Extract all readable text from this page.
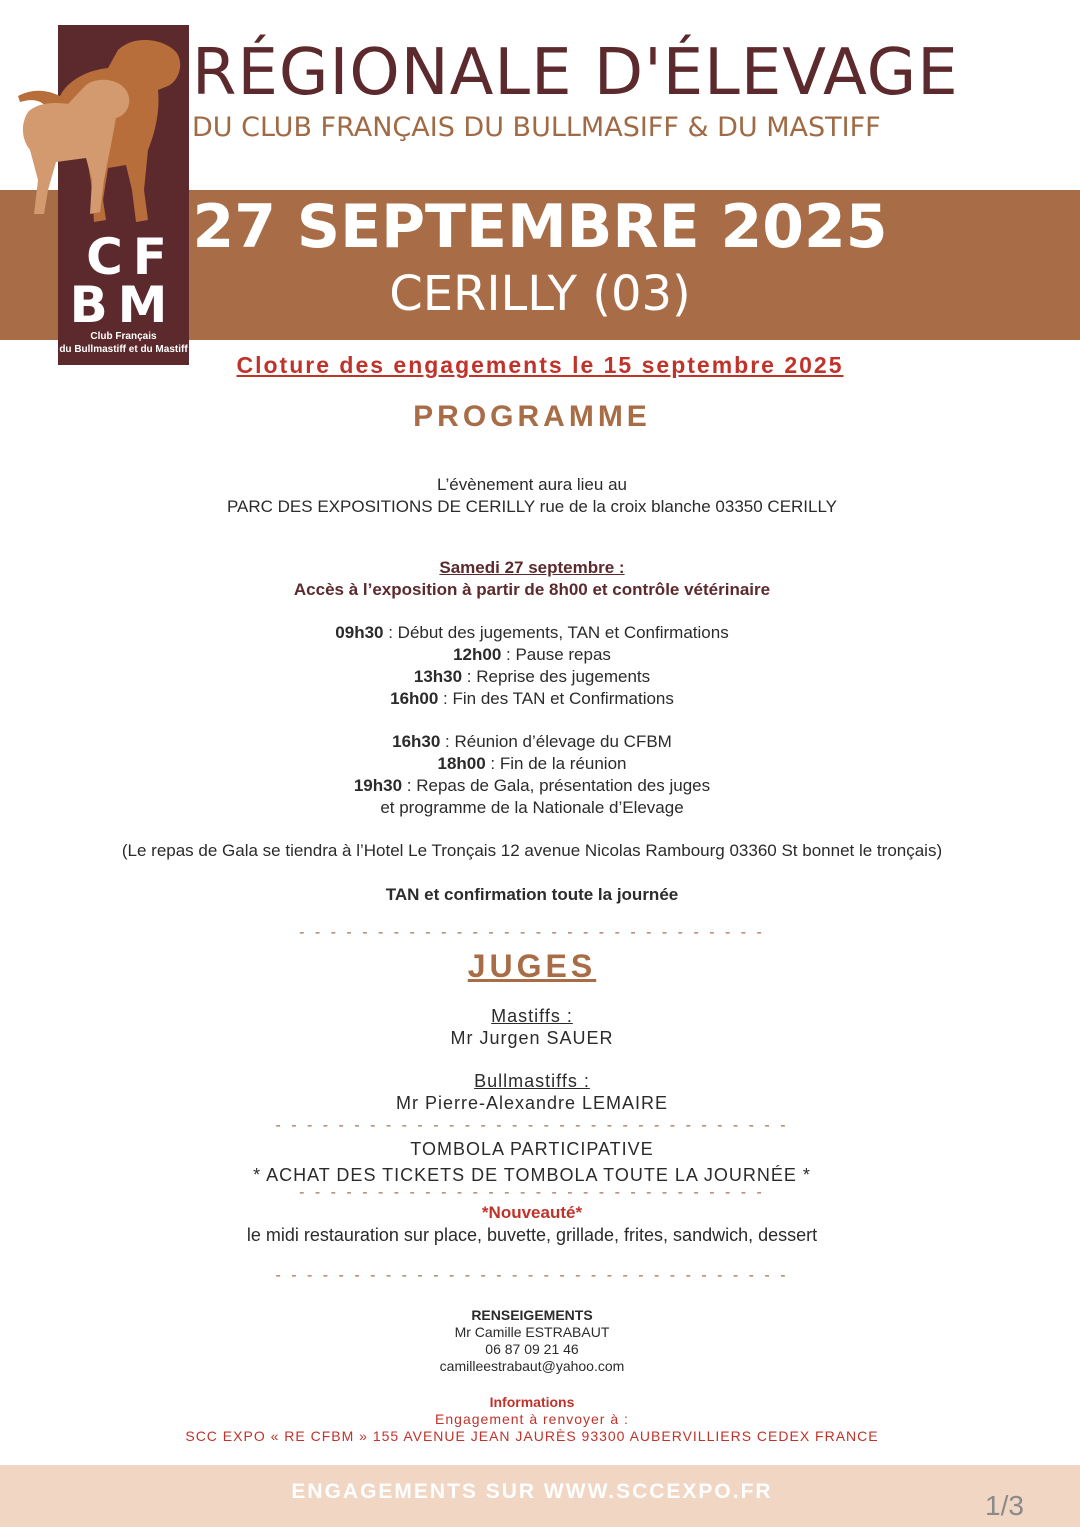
CF
BM
Club Français
du Bullmastiff et du Mastiff
RÉGIONALE D'ÉLEVAGE
DU CLUB FRANÇAIS DU BULLMASIFF & DU MASTIFF
27 SEPTEMBRE 2025
CERILLY (03)
Cloture des engagements le 15 septembre 2025
PROGRAMME
L’évènement aura lieu au
PARC DES EXPOSITIONS DE CERILLY rue de la croix blanche 03350 CERILLY
Samedi 27 septembre :
Accès à l’exposition à partir de 8h00 et contrôle vétérinaire
09h30 : Début des jugements, TAN et Confirmations
12h00 : Pause repas
13h30 : Reprise des jugements
16h00 : Fin des TAN et Confirmations
16h30 : Réunion d’élevage du CFBM
18h00 : Fin de la réunion
19h30 : Repas de Gala, présentation des juges
et programme de la Nationale d’Elevage
(Le repas de Gala se tiendra à l’Hotel Le Tronçais 12 avenue Nicolas Rambourg 03360 St bonnet le tronçais)
TAN et confirmation toute la journée
- - - - - - - - - - - - - - - - - - - - - - - - - - - - - -
JUGES
Mastiffs :
Mr Jurgen SAUER
Bullmastiffs :
Mr Pierre-Alexandre LEMAIRE
- - - - - - - - - - - - - - - - - - - - - - - - - - - - - - - - -
TOMBOLA PARTICIPATIVE
* ACHAT DES TICKETS DE TOMBOLA TOUTE LA JOURNÉE *
- - - - - - - - - - - - - - - - - - - - - - - - - - - - - -
*Nouveauté*
le midi restauration sur place, buvette, grillade, frites, sandwich, dessert
- - - - - - - - - - - - - - - - - - - - - - - - - - - - - - - - -
RENSEIGEMENTS
Mr Camille ESTRABAUT
06 87 09 21 46
camilleestrabaut@yahoo.com
Informations
Engagement à renvoyer à :
SCC EXPO « RE CFBM » 155 AVENUE JEAN JAURÈS 93300 AUBERVILLIERS CEDEX FRANCE
ENGAGEMENTS SUR WWW.SCCEXPO.FR	1/3
